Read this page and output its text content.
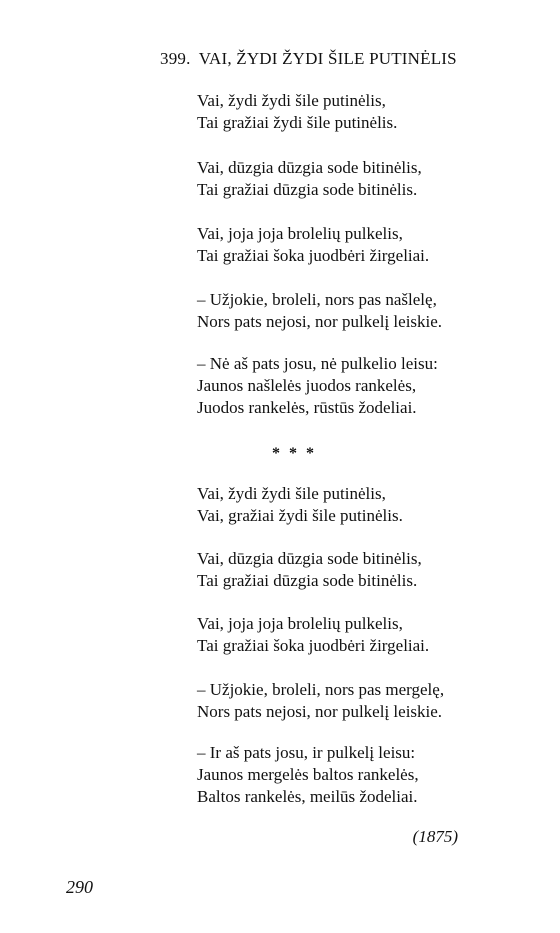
399. VAI, ŽYDI ŽYDI ŠILE PUTINĖLIS
Vai, žydi žydi šile putinėlis,
Tai gražiai žydi šile putinėlis.
Vai, dūzgia dūzgia sode bitinėlis,
Tai gražiai dūzgia sode bitinėlis.
Vai, joja joja brolelių pulkelis,
Tai gražiai šoka juodbėri žirgeliai.
– Užjokie, broleli, nors pas našlelę,
Nors pats nejosi, nor pulkelį leiskie.
– Nė aš pats josu, nė pulkelio leisu:
Jaunos našlelės juodos rankelės,
Juodos rankelės, rūstūs žodeliai.
Vai, žydi žydi šile putinėlis,
Vai, gražiai žydi šile putinėlis.
Vai, dūzgia dūzgia sode bitinėlis,
Tai gražiai dūzgia sode bitinėlis.
Vai, joja joja brolelių pulkelis,
Tai gražiai šoka juodbėri žirgeliai.
– Užjokie, broleli, nors pas mergelę,
Nors pats nejosi, nor pulkelį leiskie.
– Ir aš pats josu, ir pulkelį leisu:
Jaunos mergelės baltos rankelės,
Baltos rankelės, meilūs žodeliai.
***
(1875)
290
